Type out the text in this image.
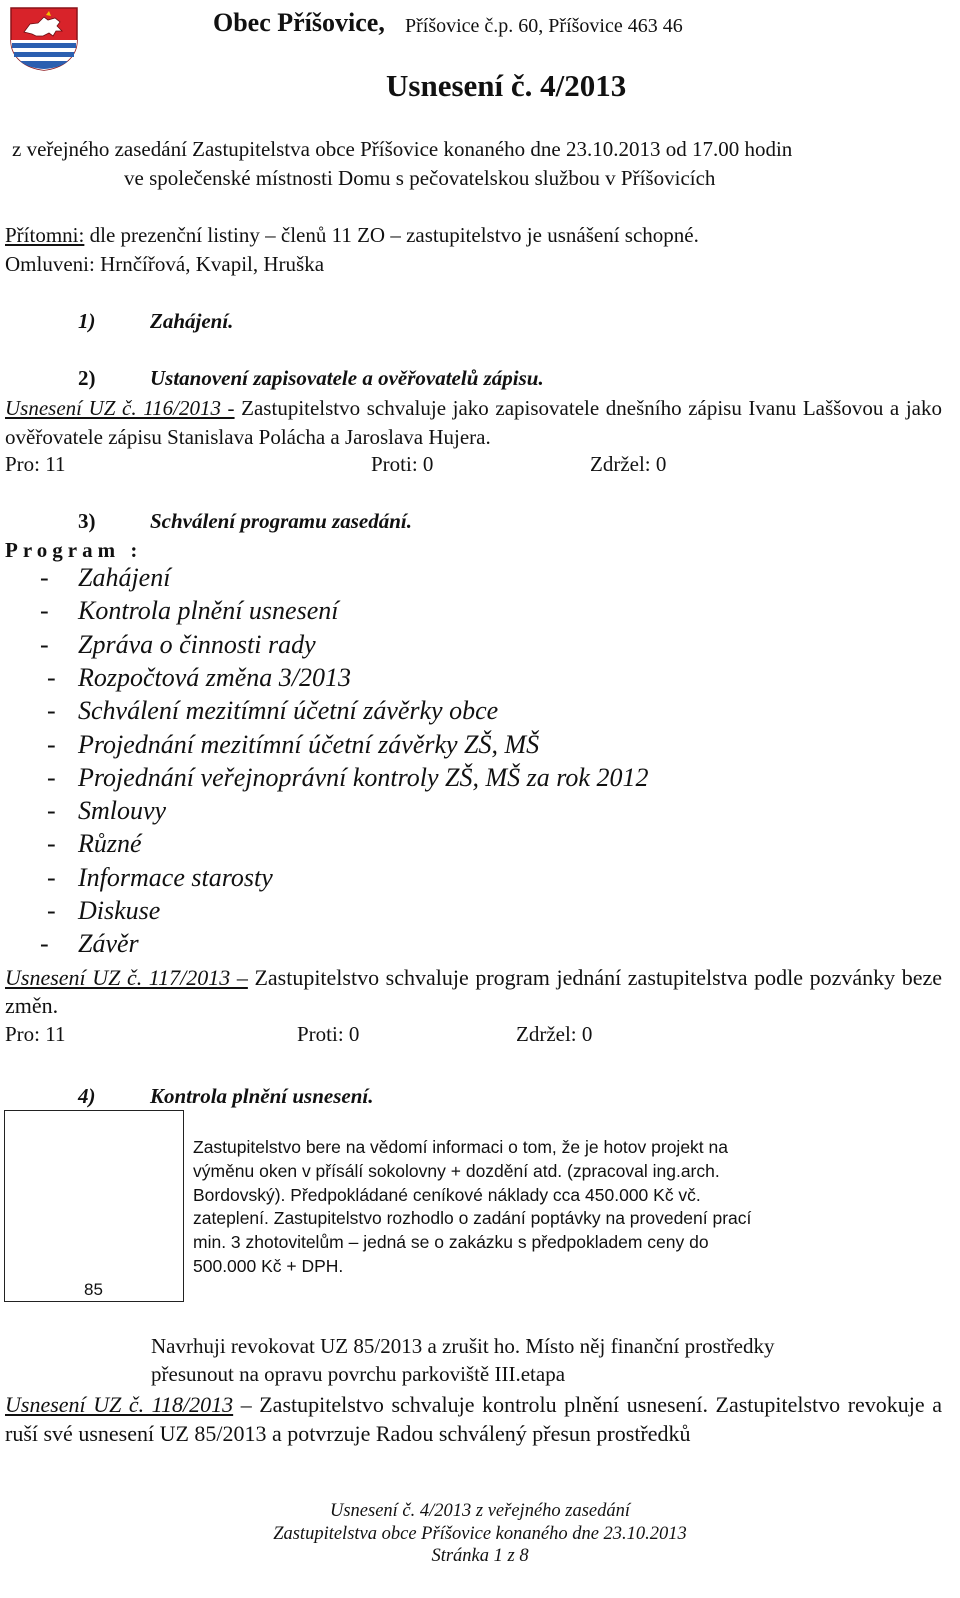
Obec Příšovice, Příšovice č.p. 60, Příšovice 463 46
Usnesení č. 4/2013
z veřejného zasedání Zastupitelstva obce Příšovice konaného dne 23.10.2013 od 17.00 hodin
ve společenské místnosti Domu s pečovatelskou službou v Příšovicích
Přítomni: dle prezenční listiny – členů 11 ZO – zastupitelstvo je usnášení schopné.
Omluveni: Hrnčířová, Kvapil, Hruška
1)	Zahájení.
2)	Ustanovení zapisovatele a ověřovatelů zápisu.
Usnesení UZ č. 116/2013 - Zastupitelstvo schvaluje jako zapisovatele dnešního zápisu Ivanu Laššovou a jako ověřovatele zápisu Stanislava Polácha a Jaroslava Hujera.
Pro: 11	Proti: 0	Zdržel: 0
3)	Schválení programu zasedání.
Program :
- Zahájení
- Kontrola plnění usnesení
- Zpráva o činnosti rady
- Rozpočtová změna 3/2013
- Schválení mezitímní účetní závěrky obce
- Projednání mezitímní účetní závěrky ZŠ, MŠ
- Projednání veřejnoprávní kontroly ZŠ, MŠ za rok 2012
- Smlouvy
- Různé
- Informace starosty
- Diskuse
- Závěr
Usnesení UZ č. 117/2013 – Zastupitelstvo schvaluje program jednání zastupitelstva podle pozvánky beze změn.
Pro: 11	Proti: 0	Zdržel: 0
4)	Kontrola plnění usnesení.
85
Zastupitelstvo bere na vědomí informaci o tom, že je hotov projekt na výměnu oken v přísálí sokolovny + dozdění atd. (zpracoval ing.arch. Bordovský). Předpokládané ceníkové náklady cca 450.000 Kč vč. zateplení. Zastupitelstvo rozhodlo o zadání poptávky na provedení prací min. 3 zhotovitelům – jedná se o zakázku s předpokladem ceny do 500.000 Kč + DPH.
Navrhuji revokovat UZ 85/2013 a zrušit ho. Místo něj finanční prostředky
přesunout na opravu povrchu parkoviště III.etapa
Usnesení UZ č. 118/2013 – Zastupitelstvo schvaluje kontrolu plnění usnesení. Zastupitelstvo revokuje a ruší své usnesení UZ 85/2013 a potvrzuje Radou schválený přesun prostředků
Usnesení č. 4/2013 z veřejného zasedání
Zastupitelstva obce Příšovice konaného dne 23.10.2013
Stránka 1 z 8
